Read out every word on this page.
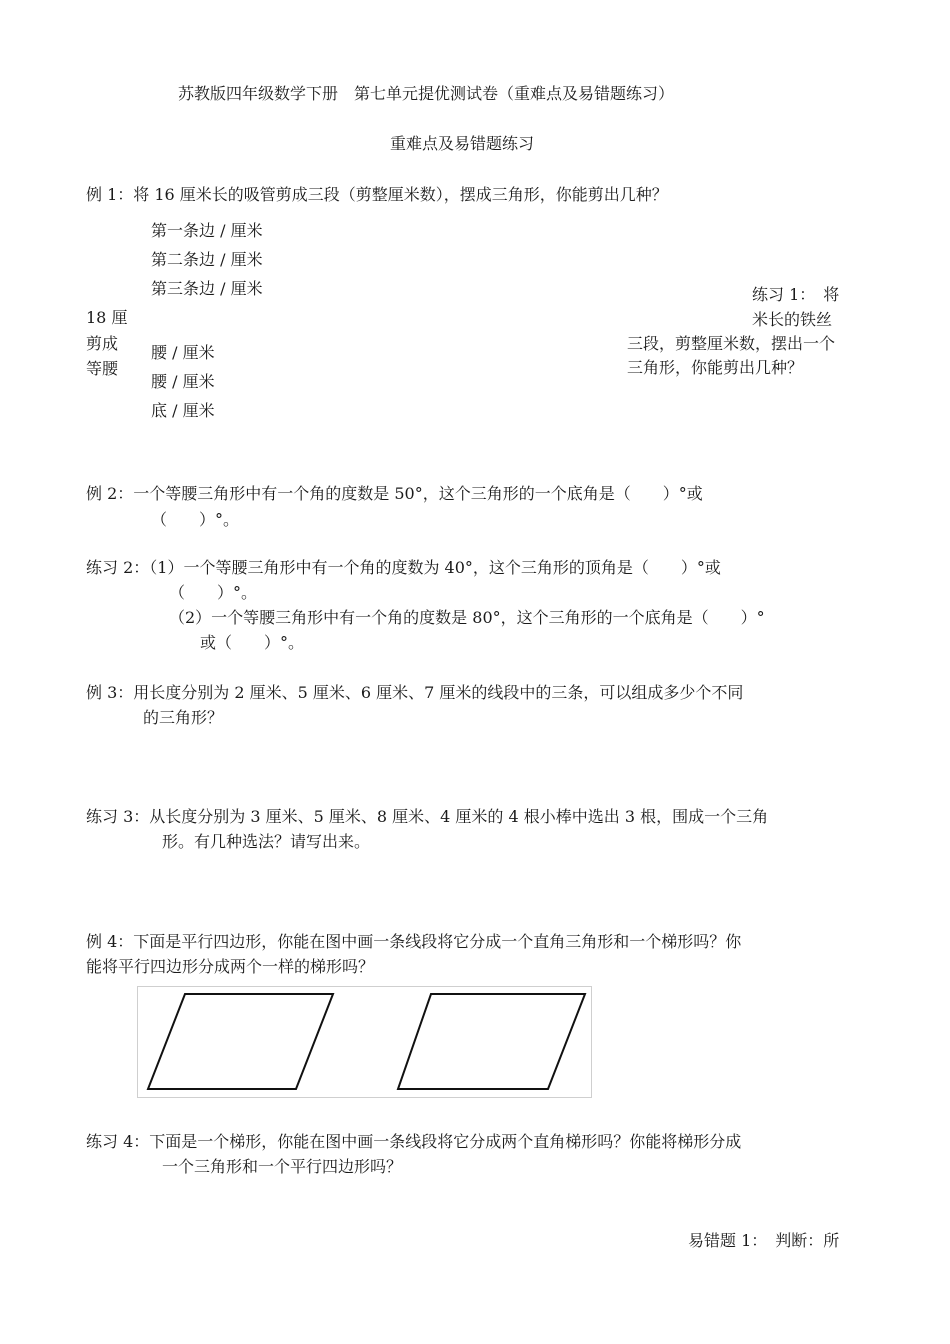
苏教版四年级数学下册　第七单元提优测试卷（重难点及易错题练习）
重难点及易错题练习
例 1：将 16 厘米长的吸管剪成三段（剪整厘米数），摆成三角形，你能剪出几种？
第一条边 / 厘米
第二条边 / 厘米
第三条边 / 厘米
18 厘
剪成
等腰
腰 / 厘米
腰 / 厘米
底 / 厘米
练习 1：　将
米长的铁丝
三段，剪整厘米数，摆出一个
三角形，你能剪出几种？
例 2：一个等腰三角形中有一个角的度数是 50°，这个三角形的一个底角是（　　）°或
（　　）°。
练习 2：（1）一个等腰三角形中有一个角的度数为 40°，这个三角形的顶角是（　　）°或
（　　）°。
（2）一个等腰三角形中有一个角的度数是 80°，这个三角形的一个底角是（　　）°
或（　　）°。
例 3：用长度分别为 2 厘米、5 厘米、6 厘米、7 厘米的线段中的三条，可以组成多少个不同
的三角形？
练习 3：从长度分别为 3 厘米、5 厘米、8 厘米、4 厘米的 4 根小棒中选出 3 根，围成一个三角
形。有几种选法？请写出来。
例 4：下面是平行四边形，你能在图中画一条线段将它分成一个直角三角形和一个梯形吗？你
能将平行四边形分成两个一样的梯形吗？
练习 4：下面是一个梯形，你能在图中画一条线段将它分成两个直角梯形吗？你能将梯形分成
一个三角形和一个平行四边形吗？
易错题 1：　判断：所
